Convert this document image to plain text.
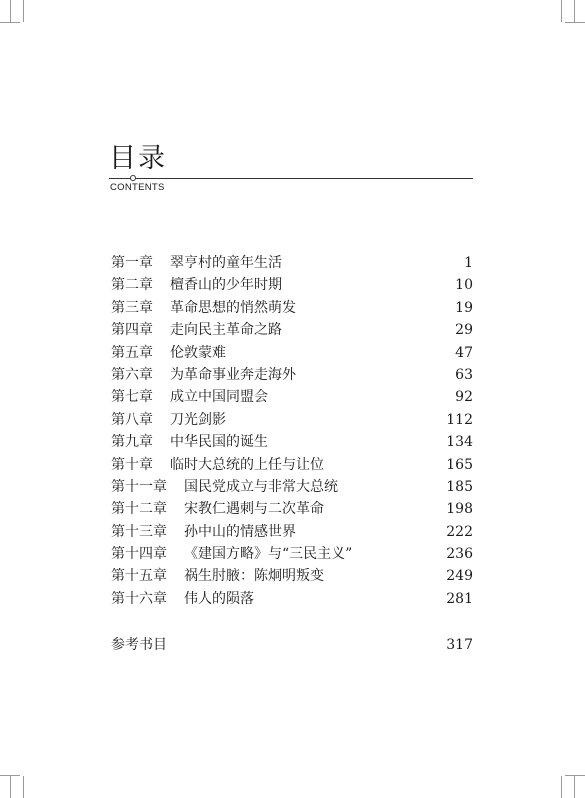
目录
CONTENTS
第一章 翠亨村的童年生活	1
第二章 檀香山的少年时期	10
第三章 革命思想的悄然萌发	19
第四章 走向民主革命之路	29
第五章 伦敦蒙难	47
第六章 为革命事业奔走海外	63
第七章 成立中国同盟会	92
第八章 刀光剑影	112
第九章 中华民国的诞生	134
第十章 临时大总统的上任与让位	165
第十一章 国民党成立与非常大总统	185
第十二章 宋教仁遇刺与二次革命	198
第十三章 孙中山的情感世界	222
第十四章 《建国方略》与“三民主义”	236
第十五章 祸生肘腋：陈炯明叛变	249
第十六章 伟人的陨落	281
参考书目	317
